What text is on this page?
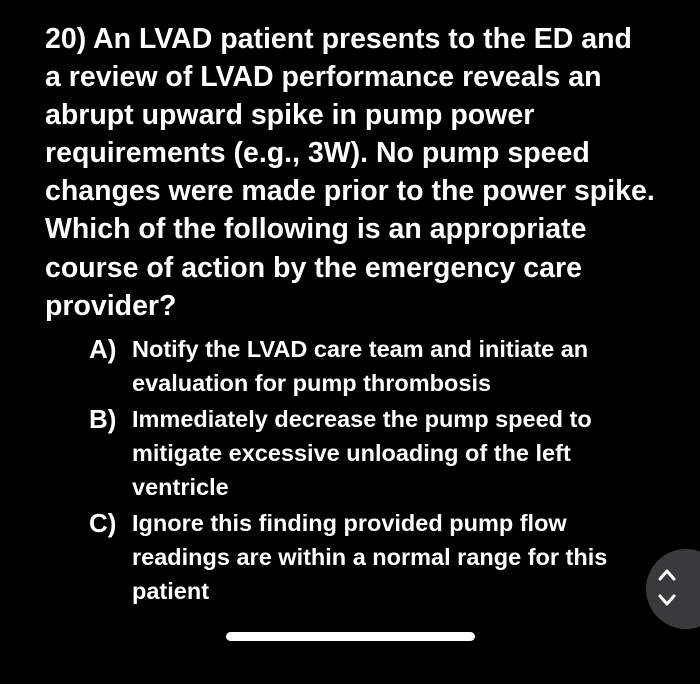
20) An LVAD patient presents to the ED and a review of LVAD performance reveals an abrupt upward spike in pump power requirements (e.g., 3W). No pump speed changes were made prior to the power spike. Which of the following is an appropriate course of action by the emergency care provider?

A) Notify the LVAD care team and initiate an evaluation for pump thrombosis
B) Immediately decrease the pump speed to mitigate excessive unloading of the left ventricle
C) Ignore this finding provided pump flow readings are within a normal range for this patient
